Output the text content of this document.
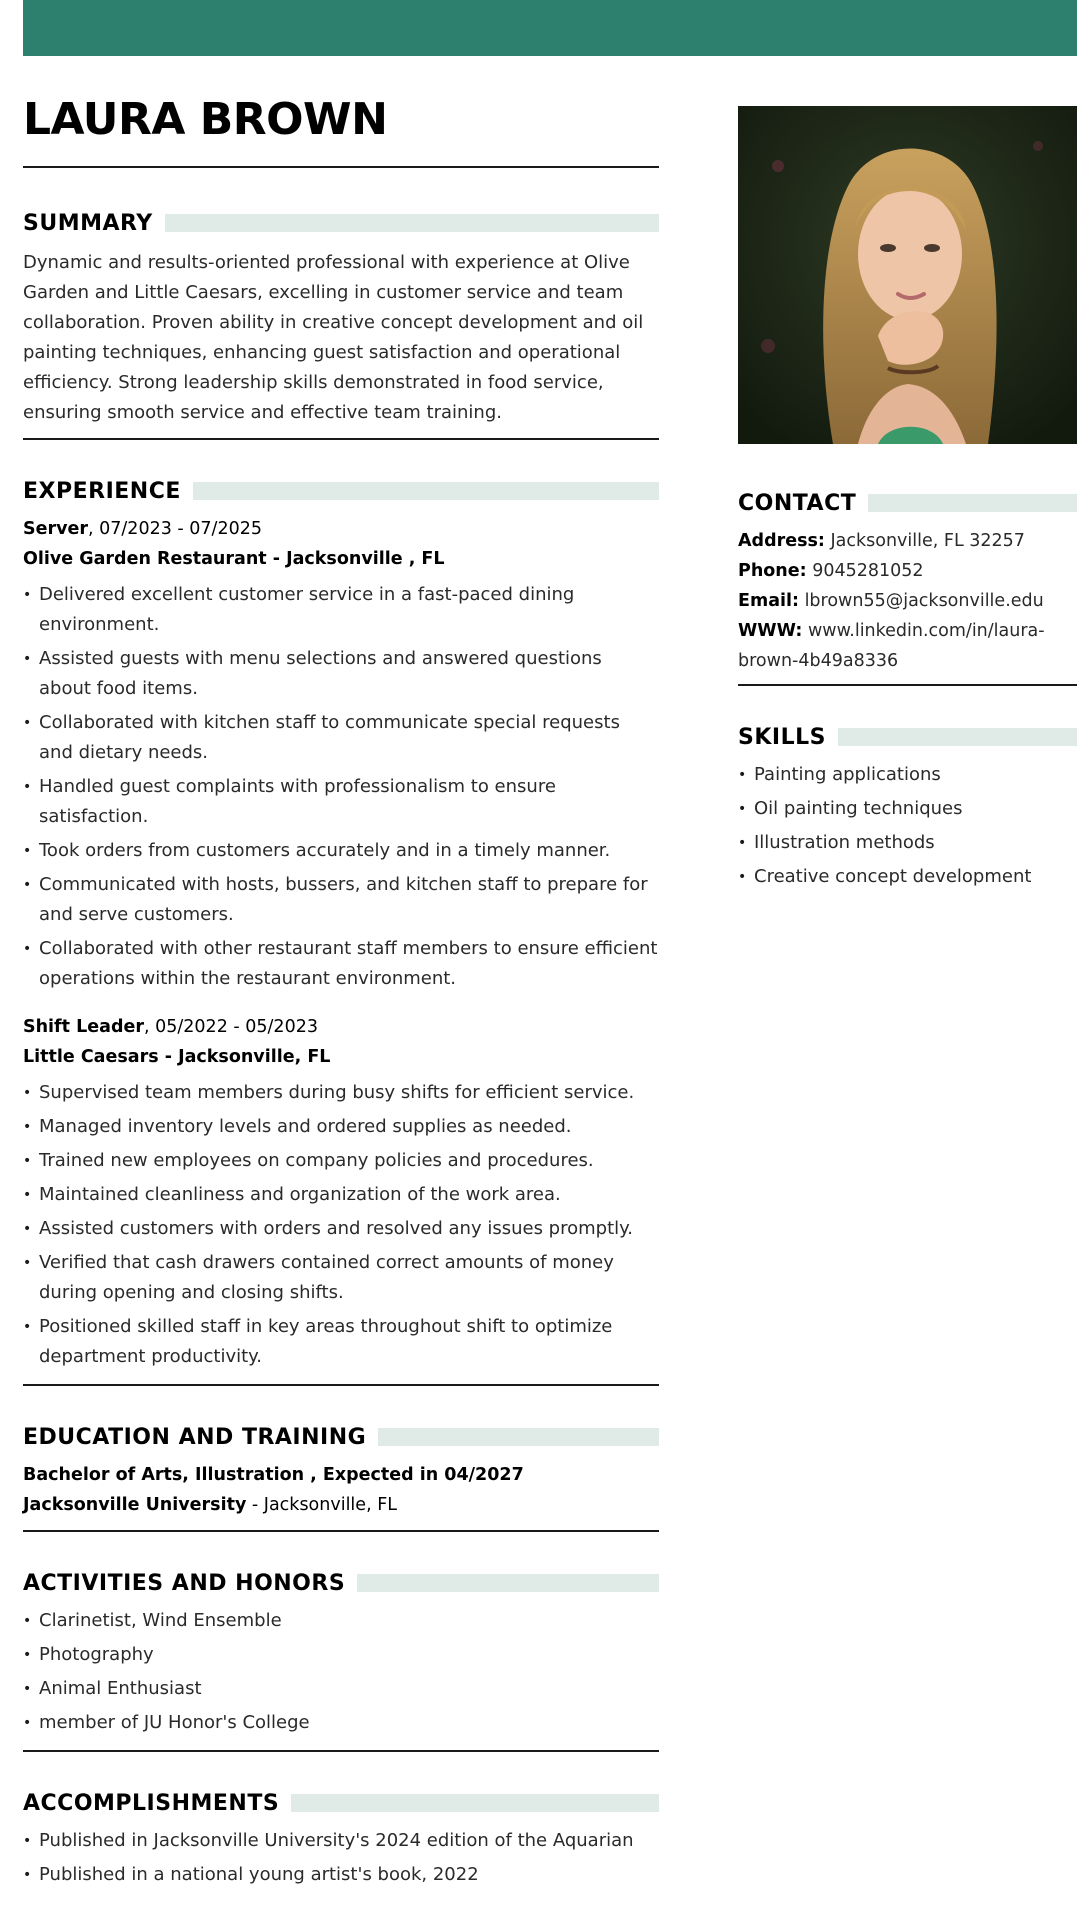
LAURA BROWN
SUMMARY

Dynamic and results-oriented professional with experience at Olive Garden and Little Caesars, excelling in customer service and team collaboration. Proven ability in creative concept development and oil painting techniques, enhancing guest satisfaction and operational efficiency. Strong leadership skills demonstrated in food service, ensuring smooth service and effective team training.

EXPERIENCE
Server, 07/2023 - 07/2025
Olive Garden Restaurant - Jacksonville , FL
• Delivered excellent customer service in a fast-paced dining environment.
• Assisted guests with menu selections and answered questions about food items.
• Collaborated with kitchen staff to communicate special requests and dietary needs.
• Handled guest complaints with professionalism to ensure satisfaction.
• Took orders from customers accurately and in a timely manner.
• Communicated with hosts, bussers, and kitchen staff to prepare for and serve customers.
• Collaborated with other restaurant staff members to ensure efficient operations within the restaurant environment.
Shift Leader, 05/2022 - 05/2023
Little Caesars - Jacksonville, FL
• Supervised team members during busy shifts for efficient service.
• Managed inventory levels and ordered supplies as needed.
• Trained new employees on company policies and procedures.
• Maintained cleanliness and organization of the work area.
• Assisted customers with orders and resolved any issues promptly.
• Verified that cash drawers contained correct amounts of money during opening and closing shifts.
• Positioned skilled staff in key areas throughout shift to optimize department productivity.
EDUCATION AND TRAINING
Bachelor of Arts, Illustration , Expected in 04/2027
Jacksonville University - Jacksonville, FL
ACTIVITIES AND HONORS
• Clarinetist, Wind Ensemble
• Photography
• Animal Enthusiast
• member of JU Honor's College
ACCOMPLISHMENTS
• Published in Jacksonville University's 2024 edition of the Aquarian
• Published in a national young artist's book, 2022
CONTACT
Address: Jacksonville, FL 32257
Phone: 9045281052
Email: lbrown55@jacksonville.edu
WWW: www.linkedin.com/in/laura-brown-4b49a8336
SKILLS
• Painting applications
• Oil painting techniques
• Illustration methods
• Creative concept development
